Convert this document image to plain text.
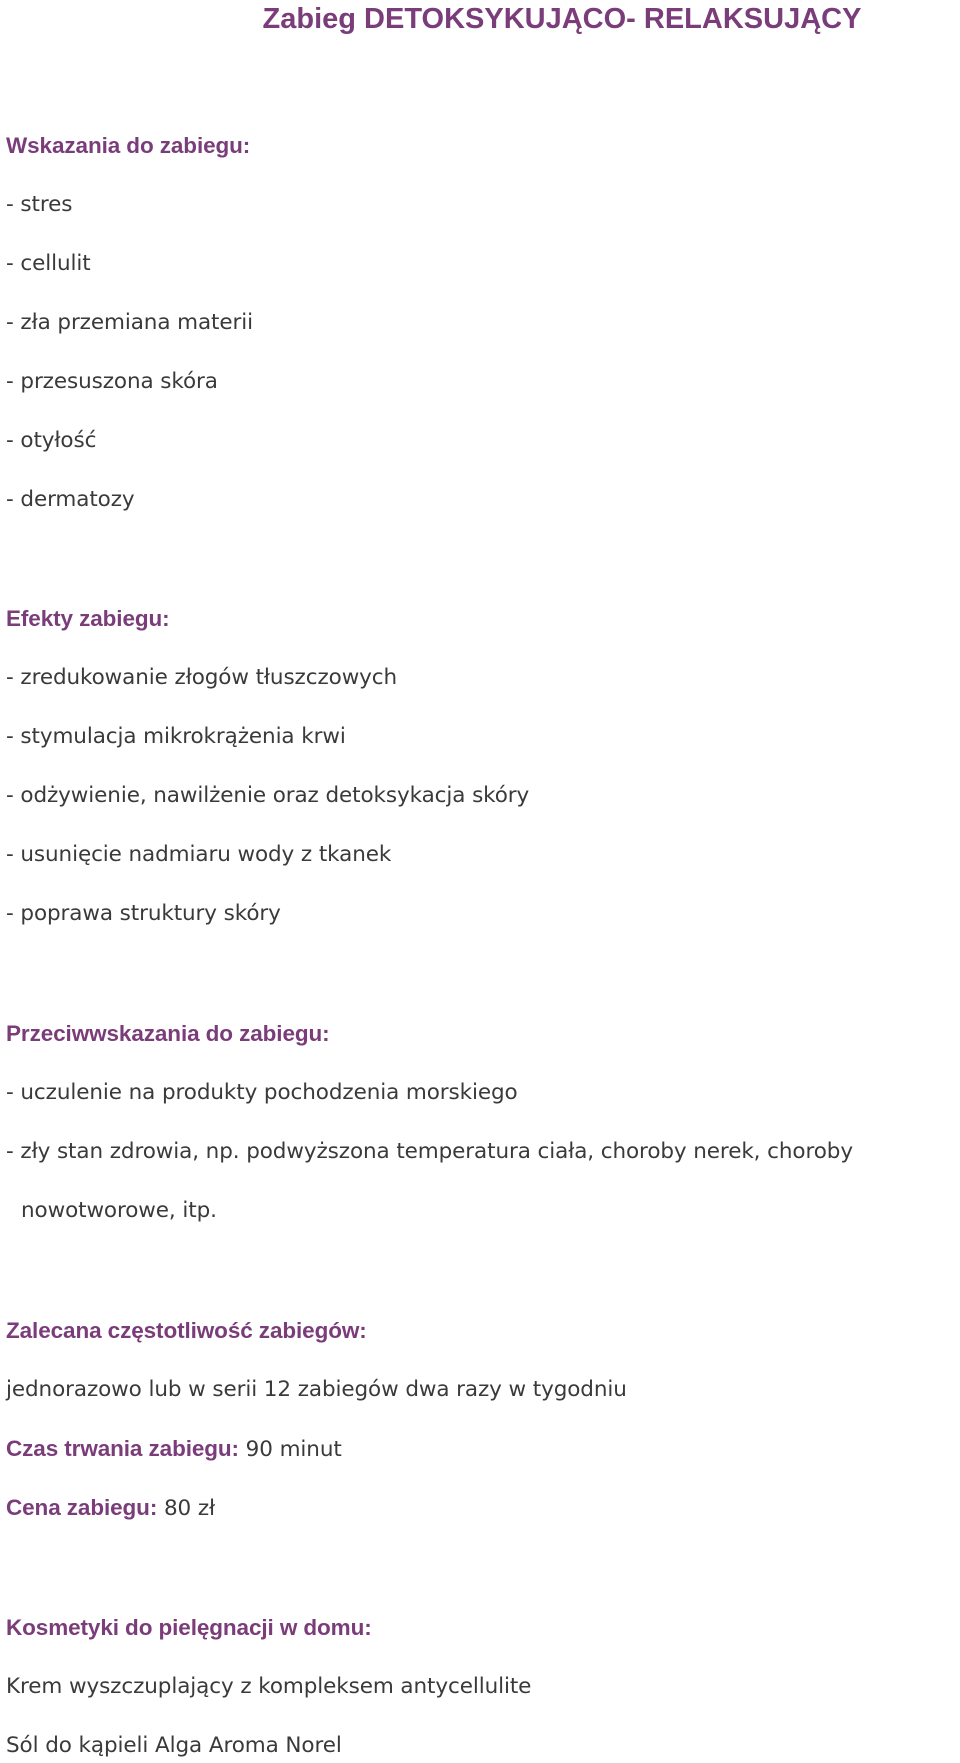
Zabieg DETOKSYKUJĄCO- RELAKSUJĄCY
Wskazania do zabiegu:
- stres
- cellulit
- zła przemiana materii
- przesuszona skóra
- otyłość
- dermatozy
Efekty zabiegu:
- zredukowanie złogów tłuszczowych
- stymulacja mikrokrążenia krwi
- odżywienie, nawilżenie oraz detoksykacja skóry
- usunięcie nadmiaru wody z tkanek
- poprawa struktury skóry
Przeciwwskazania do zabiegu:
- uczulenie na produkty pochodzenia morskiego
- zły stan zdrowia, np. podwyższona temperatura ciała, choroby nerek, choroby
nowotworowe, itp.
Zalecana częstotliwość zabiegów:
jednorazowo lub w serii 12 zabiegów dwa razy w tygodniu
Czas trwania zabiegu: 90 minut
Cena zabiegu: 80 zł
Kosmetyki do pielęgnacji w domu:
Krem wyszczuplający z kompleksem antycellulite
Sól do kąpieli Alga Aroma Norel
